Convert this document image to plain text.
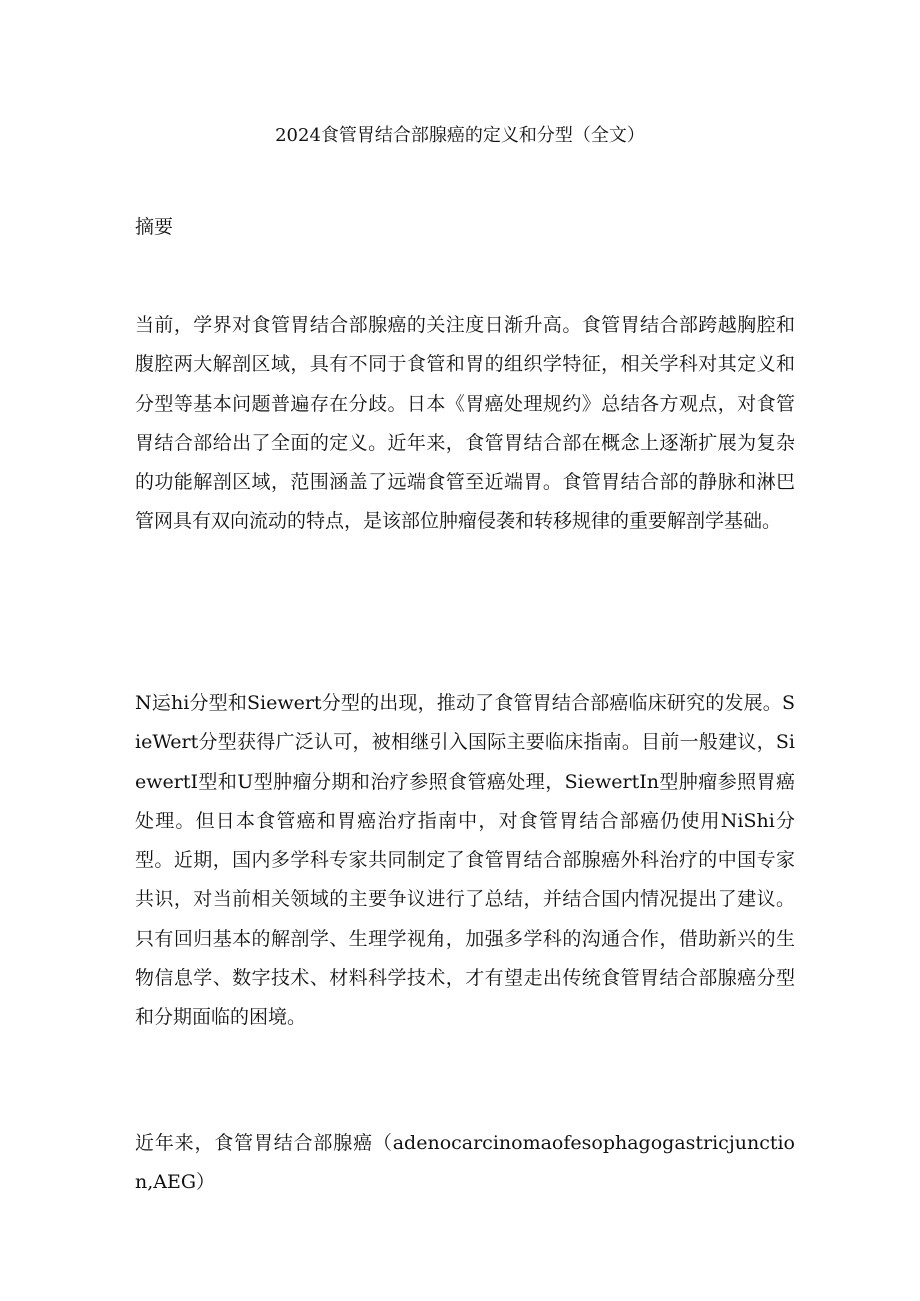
2024食管胃结合部腺癌的定义和分型（全文）
摘要

当前，学界对食管胃结合部腺癌的关注度日渐升高。食管胃结合部跨越胸腔和腹腔两大解剖区域，具有不同于食管和胃的组织学特征，相关学科对其定义和分型等基本问题普遍存在分歧。日本《胃癌处理规约》总结各方观点，对食管胃结合部给出了全面的定义。近年来，食管胃结合部在概念上逐渐扩展为复杂的功能解剖区域，范围涵盖了远端食管至近端胃。食管胃结合部的静脉和淋巴管网具有双向流动的特点，是该部位肿瘤侵袭和转移规律的重要解剖学基础。

N运hi分型和Siewert分型的出现，推动了食管胃结合部癌临床研究的发展。SieWert分型获得广泛认可，被相继引入国际主要临床指南。目前一般建议，SiewertI型和U型肿瘤分期和治疗参照食管癌处理，SiewertIn型肿瘤参照胃癌处理。但日本食管癌和胃癌治疗指南中，对食管胃结合部癌仍使用NiShi分型。近期，国内多学科专家共同制定了食管胃结合部腺癌外科治疗的中国专家共识，对当前相关领域的主要争议进行了总结，并结合国内情况提出了建议。只有回归基本的解剖学、生理学视角，加强多学科的沟通合作，借助新兴的生物信息学、数字技术、材料科学技术，才有望走出传统食管胃结合部腺癌分型和分期面临的困境。

近年来，食管胃结合部腺癌（adenocarcinomaofesophagogastricjunction,AEG）
